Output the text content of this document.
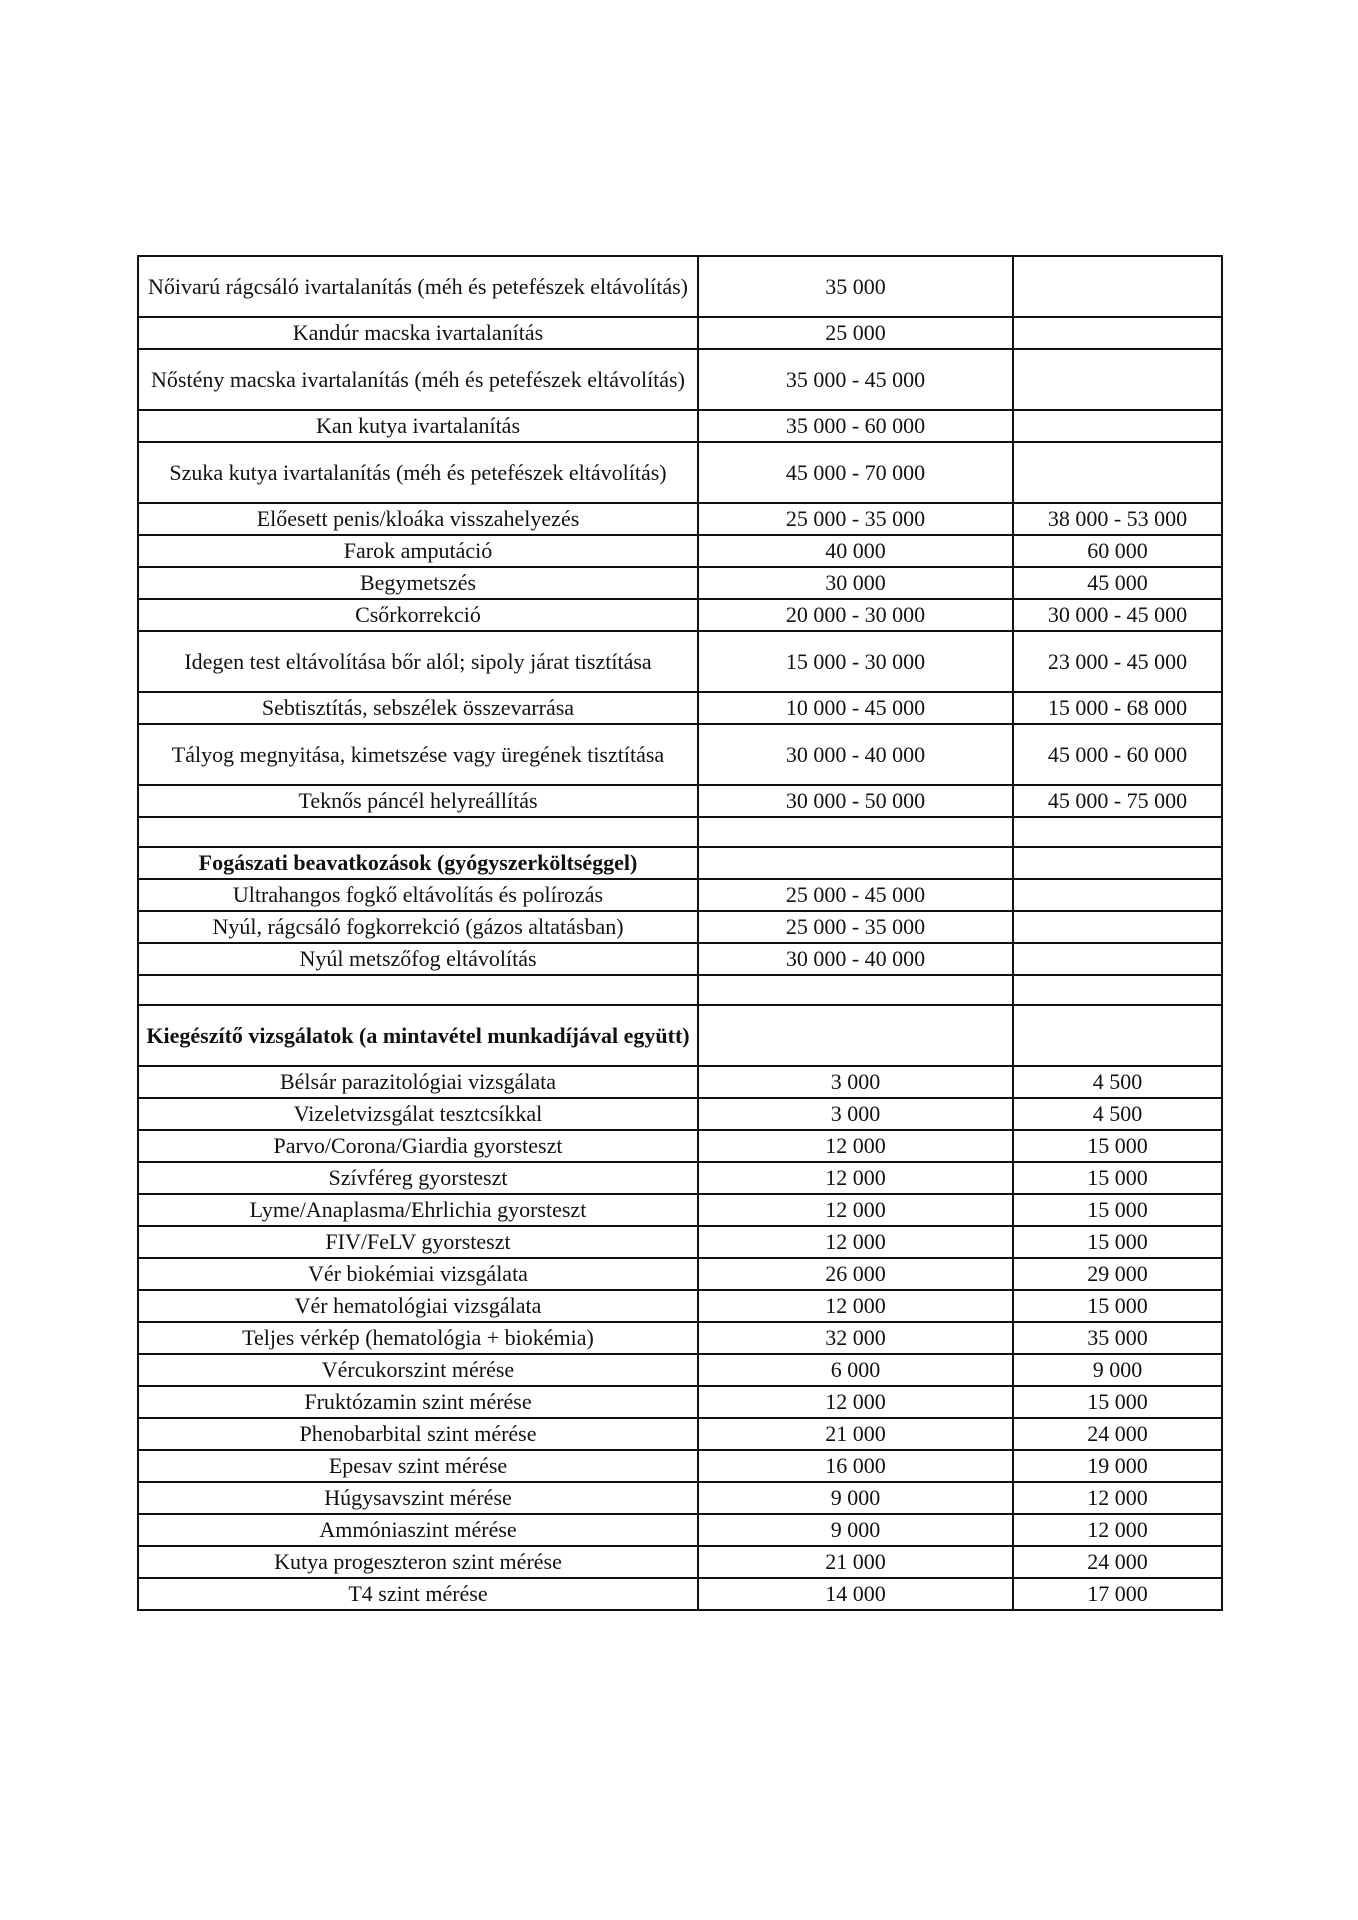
Nőivarú rágcsáló ivartalanítás (méh és petefészek eltávolítás)	35 000	
Kandúr macska ivartalanítás	25 000	
Nőstény macska ivartalanítás (méh és petefészek eltávolítás)	35 000 - 45 000	
Kan kutya ivartalanítás	35 000 - 60 000	
Szuka kutya ivartalanítás (méh és petefészek eltávolítás)	45 000 - 70 000	
Előesett penis/kloáka visszahelyezés	25 000 - 35 000	38 000 - 53 000
Farok amputáció	40 000	60 000
Begymetszés	30 000	45 000
Csőrkorrekció	20 000 - 30 000	30 000 - 45 000
Idegen test eltávolítása bőr alól; sipoly járat tisztítása	15 000 - 30 000	23 000 - 45 000
Sebtisztítás, sebszélek összevarrása	10 000 - 45 000	15 000 - 68 000
Tályog megnyitása, kimetszése vagy üregének tisztítása	30 000 - 40 000	45 000 - 60 000
Teknős páncél helyreállítás	30 000 - 50 000	45 000 - 75 000

Fogászati beavatkozások (gyógyszerköltséggel)		
Ultrahangos fogkő eltávolítás és polírozás	25 000 - 45 000	
Nyúl, rágcsáló fogkorrekció (gázos altatásban)	25 000 - 35 000	
Nyúl metszőfog eltávolítás	30 000 - 40 000	

Kiegészítő vizsgálatok (a mintavétel munkadíjával együtt)		
Bélsár parazitológiai vizsgálata	3 000	4 500
Vizeletvizsgálat tesztcsíkkal	3 000	4 500
Parvo/Corona/Giardia gyorsteszt	12 000	15 000
Szívféreg gyorsteszt	12 000	15 000
Lyme/Anaplasma/Ehrlichia gyorsteszt	12 000	15 000
FIV/FeLV gyorsteszt	12 000	15 000
Vér biokémiai vizsgálata	26 000	29 000
Vér hematológiai vizsgálata	12 000	15 000
Teljes vérkép (hematológia + biokémia)	32 000	35 000
Vércukorszint mérése	6 000	9 000
Fruktózamin szint mérése	12 000	15 000
Phenobarbital szint mérése	21 000	24 000
Epesav szint mérése	16 000	19 000
Húgysavszint mérése	9 000	12 000
Ammóniaszint mérése	9 000	12 000
Kutya progeszteron szint mérése	21 000	24 000
T4 szint mérése	14 000	17 000
